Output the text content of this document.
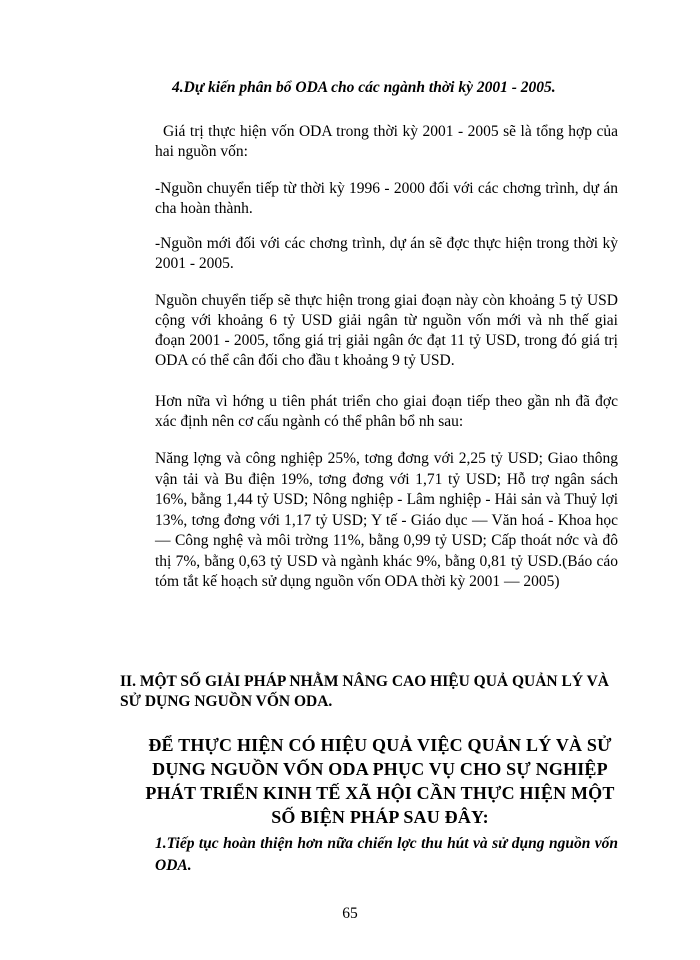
4.Dự kiến phân bổ ODA cho các ngành thời kỳ 2001 - 2005.

Giá trị thực hiện vốn ODA trong thời kỳ 2001 - 2005 sẽ là tổng hợp của hai nguồn vốn:

-Nguồn chuyển tiếp từ thời kỳ 1996 - 2000 đối với các chơng trình, dự án cha hoàn thành.

-Nguồn mới đối với các chơng trình, dự án sẽ đợc thực hiện trong thời kỳ 2001 - 2005.

Nguồn chuyển tiếp sẽ thực hiện trong giai đoạn này còn khoảng 5 tỷ USD cộng với khoảng 6 tỷ USD giải ngân từ nguồn vốn mới và nh thế giai đoạn 2001 - 2005, tổng giá trị giải ngân ớc đạt 11 tỷ USD, trong đó giá trị ODA có thể cân đối cho đầu t khoảng 9 tỷ USD.

Hơn nữa vì hớng u tiên phát triển cho giai đoạn tiếp theo gần nh đã đợc xác định nên cơ cấu ngành có thể phân bổ nh sau:

Năng lợng và công nghiệp 25%, tơng đơng với 2,25 tỷ USD; Giao thông vận tải và Bu điện 19%, tơng đơng với 1,71 tỷ USD; Hỗ trợ ngân sách 16%, bằng 1,44 tỷ USD; Nông nghiệp - Lâm nghiệp - Hải sản và Thuỷ lợi 13%, tơng đơng với 1,17 tỷ USD; Y tế - Giáo dục — Văn hoá - Khoa học — Công nghệ và môi trờng 11%, bằng 0,99 tỷ USD; Cấp thoát nớc và đô thị 7%, bằng 0,63 tỷ USD và ngành khác 9%, bằng 0,81 tỷ USD.(Báo cáo tóm tắt kế hoạch sử dụng nguồn vốn ODA thời kỳ 2001 — 2005)

II. MỘT SỐ GIẢI PHÁP NHẰM NÂNG CAO HIỆU QUẢ QUẢN LÝ VÀ SỬ DỤNG NGUỒN VỐN ODA.
ĐỂ THỰC HIỆN CÓ HIỆU QUẢ VIỆC QUẢN LÝ VÀ SỬ DỤNG NGUỒN VỐN ODA PHỤC VỤ CHO SỰ NGHIỆP PHÁT TRIỂN KINH TẾ XÃ HỘI CẦN THỰC HIỆN MỘT SỐ BIỆN PHÁP SAU ĐÂY:
1.Tiếp tục hoàn thiện hơn nữa chiến lợc thu hút và sử dụng nguồn vốn ODA.
65
